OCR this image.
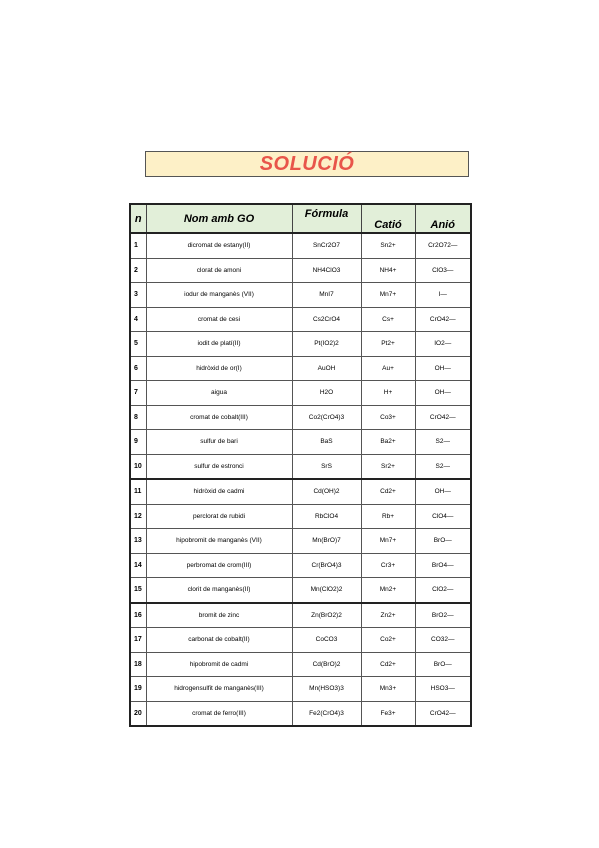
SOLUCIÓ
n	Nom amb GO	Fórmula	Catió	Anió
1	dicromat de estany(II)	SnCr2O7	Sn2+	Cr2O72—
2	clorat de amoni	NH4ClO3	NH4+	ClO3—
3	iodur de manganès (VII)	MnI7	Mn7+	I—
4	cromat de cesi	Cs2CrO4	Cs+	CrO42—
5	iodit de platí(II)	Pt(IO2)2	Pt2+	IO2—
6	hidròxid de or(I)	AuOH	Au+	OH—
7	aigua	H2O	H+	OH—
8	cromat de cobalt(III)	Co2(CrO4)3	Co3+	CrO42—
9	sulfur de bari	BaS	Ba2+	S2—
10	sulfur de estronci	SrS	Sr2+	S2—
11	hidròxid de cadmi	Cd(OH)2	Cd2+	OH—
12	perclorat de rubidi	RbClO4	Rb+	ClO4—
13	hipobromit de manganès (VII)	Mn(BrO)7	Mn7+	BrO—
14	perbromat de crom(III)	Cr(BrO4)3	Cr3+	BrO4—
15	clorit de manganès(II)	Mn(ClO2)2	Mn2+	ClO2—
16	bromit de zinc	Zn(BrO2)2	Zn2+	BrO2—
17	carbonat de cobalt(II)	CoCO3	Co2+	CO32—
18	hipobromit de cadmi	Cd(BrO)2	Cd2+	BrO—
19	hidrogensulfit de manganès(III)	Mn(HSO3)3	Mn3+	HSO3—
20	cromat de ferro(III)	Fe2(CrO4)3	Fe3+	CrO42—
